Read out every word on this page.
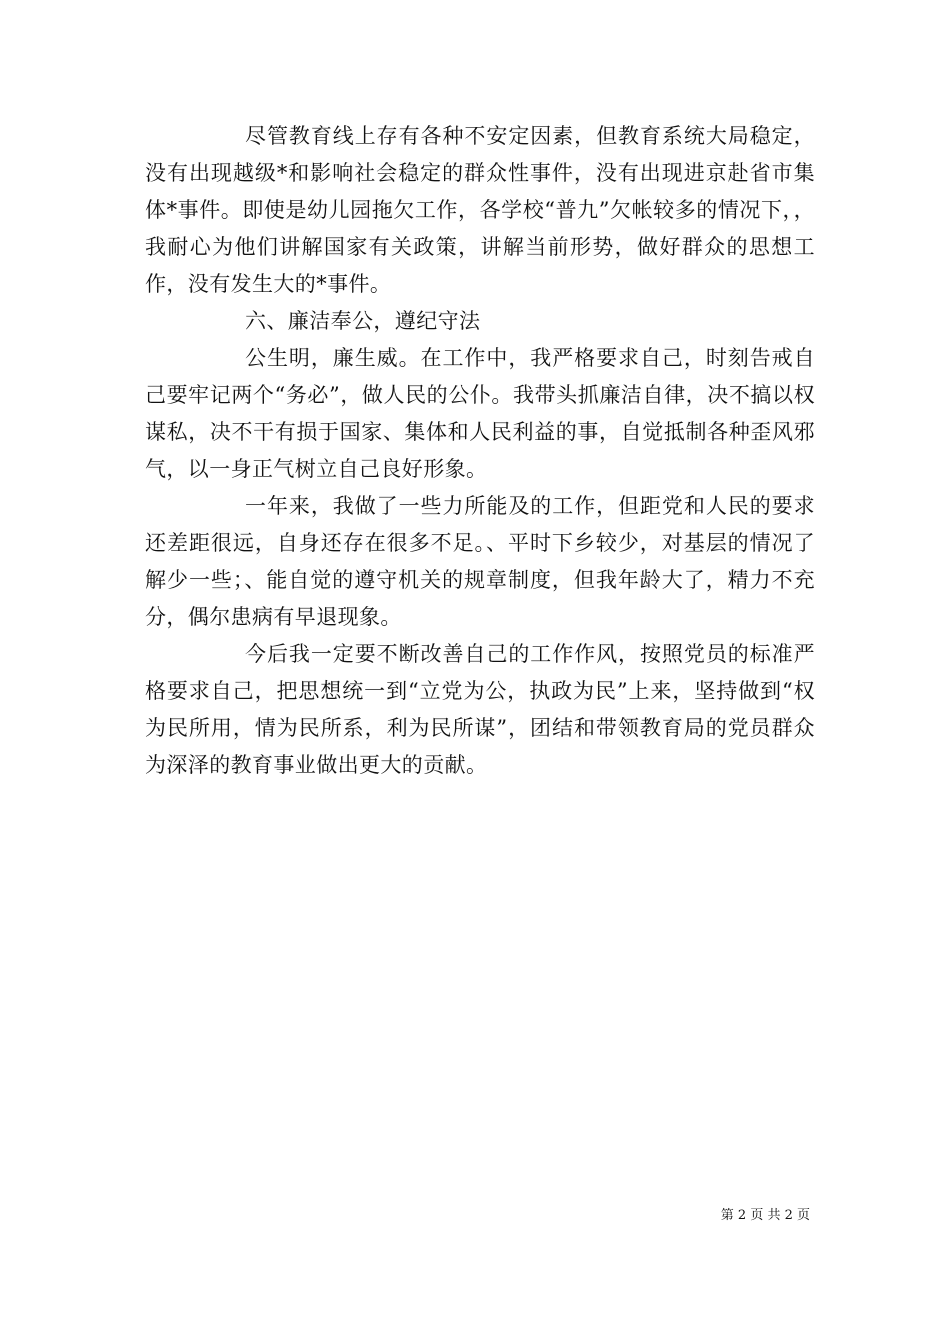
尽管教育线上存有各种不安定因素，但教育系统大局稳定，没有出现越级*和影响社会稳定的群众性事件，没有出现进京赴省市集体*事件。即使是幼儿园拖欠工作，各学校“普九”欠帐较多的情况下，，我耐心为他们讲解国家有关政策，讲解当前形势，做好群众的思想工作，没有发生大的*事件。

六、廉洁奉公，遵纪守法

公生明，廉生威。在工作中，我严格要求自己，时刻告戒自己要牢记两个“务必”，做人民的公仆。我带头抓廉洁自律，决不搞以权谋私，决不干有损于国家、集体和人民利益的事，自觉抵制各种歪风邪气，以一身正气树立自己良好形象。

一年来，我做了一些力所能及的工作，但距党和人民的要求还差距很远，自身还存在很多不足。、平时下乡较少，对基层的情况了解少一些；、能自觉的遵守机关的规章制度，但我年龄大了，精力不充分，偶尔患病有早退现象。

今后我一定要不断改善自己的工作作风，按照党员的标准严格要求自己，把思想统一到“立党为公，执政为民”上来，坚持做到“权为民所用，情为民所系，利为民所谋”，团结和带领教育局的党员群众为深泽的教育事业做出更大的贡献。

第 2 页 共 2 页
